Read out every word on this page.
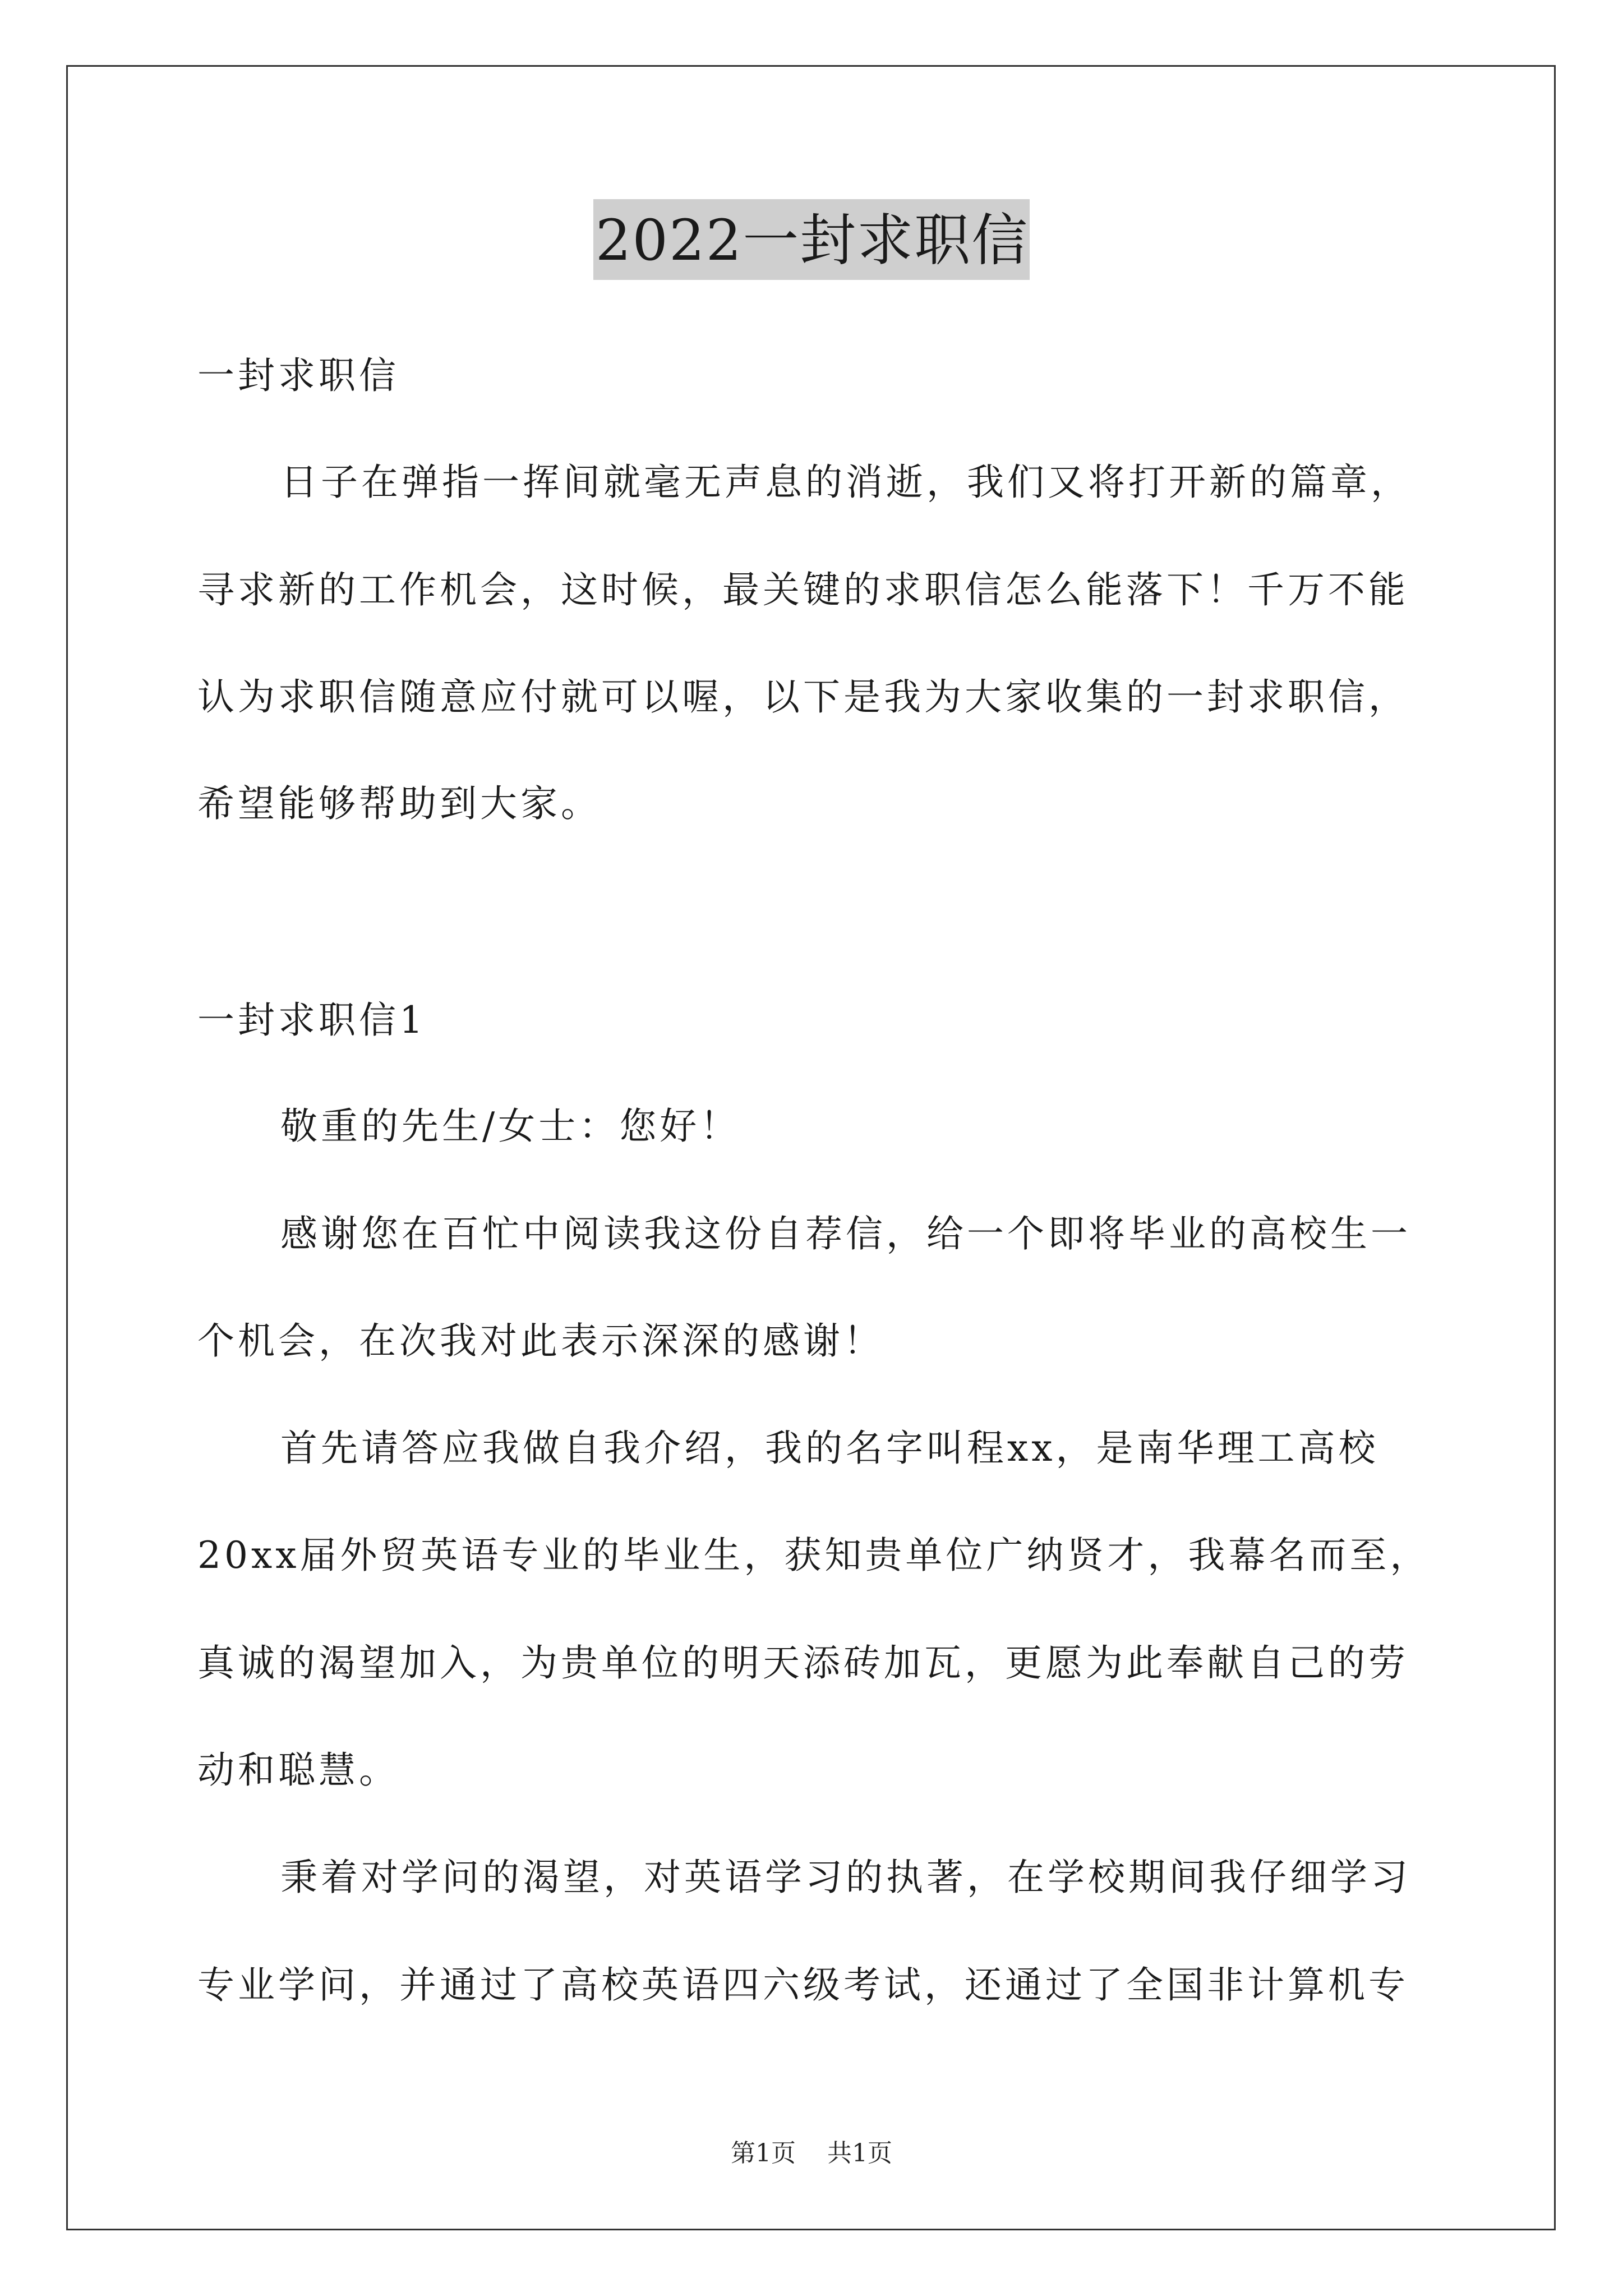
2022一封求职信
一封求职信
日子在弹指一挥间就毫无声息的消逝，我们又将打开新的篇章，
寻求新的工作机会，这时候，最关键的求职信怎么能落下！千万不能
认为求职信随意应付就可以喔，以下是我为大家收集的一封求职信，
希望能够帮助到大家。
一封求职信1
敬重的先生/女士：您好！
感谢您在百忙中阅读我这份自荐信，给一个即将毕业的高校生一
个机会，在次我对此表示深深的感谢！
首先请答应我做自我介绍，我的名字叫程xx，是南华理工高校
20xx届外贸英语专业的毕业生，获知贵单位广纳贤才，我幕名而至，
真诚的渴望加入，为贵单位的明天添砖加瓦，更愿为此奉献自己的劳
动和聪慧。
秉着对学问的渴望，对英语学习的执著，在学校期间我仔细学习
专业学问，并通过了高校英语四六级考试，还通过了全国非计算机专
第1页 共1页
